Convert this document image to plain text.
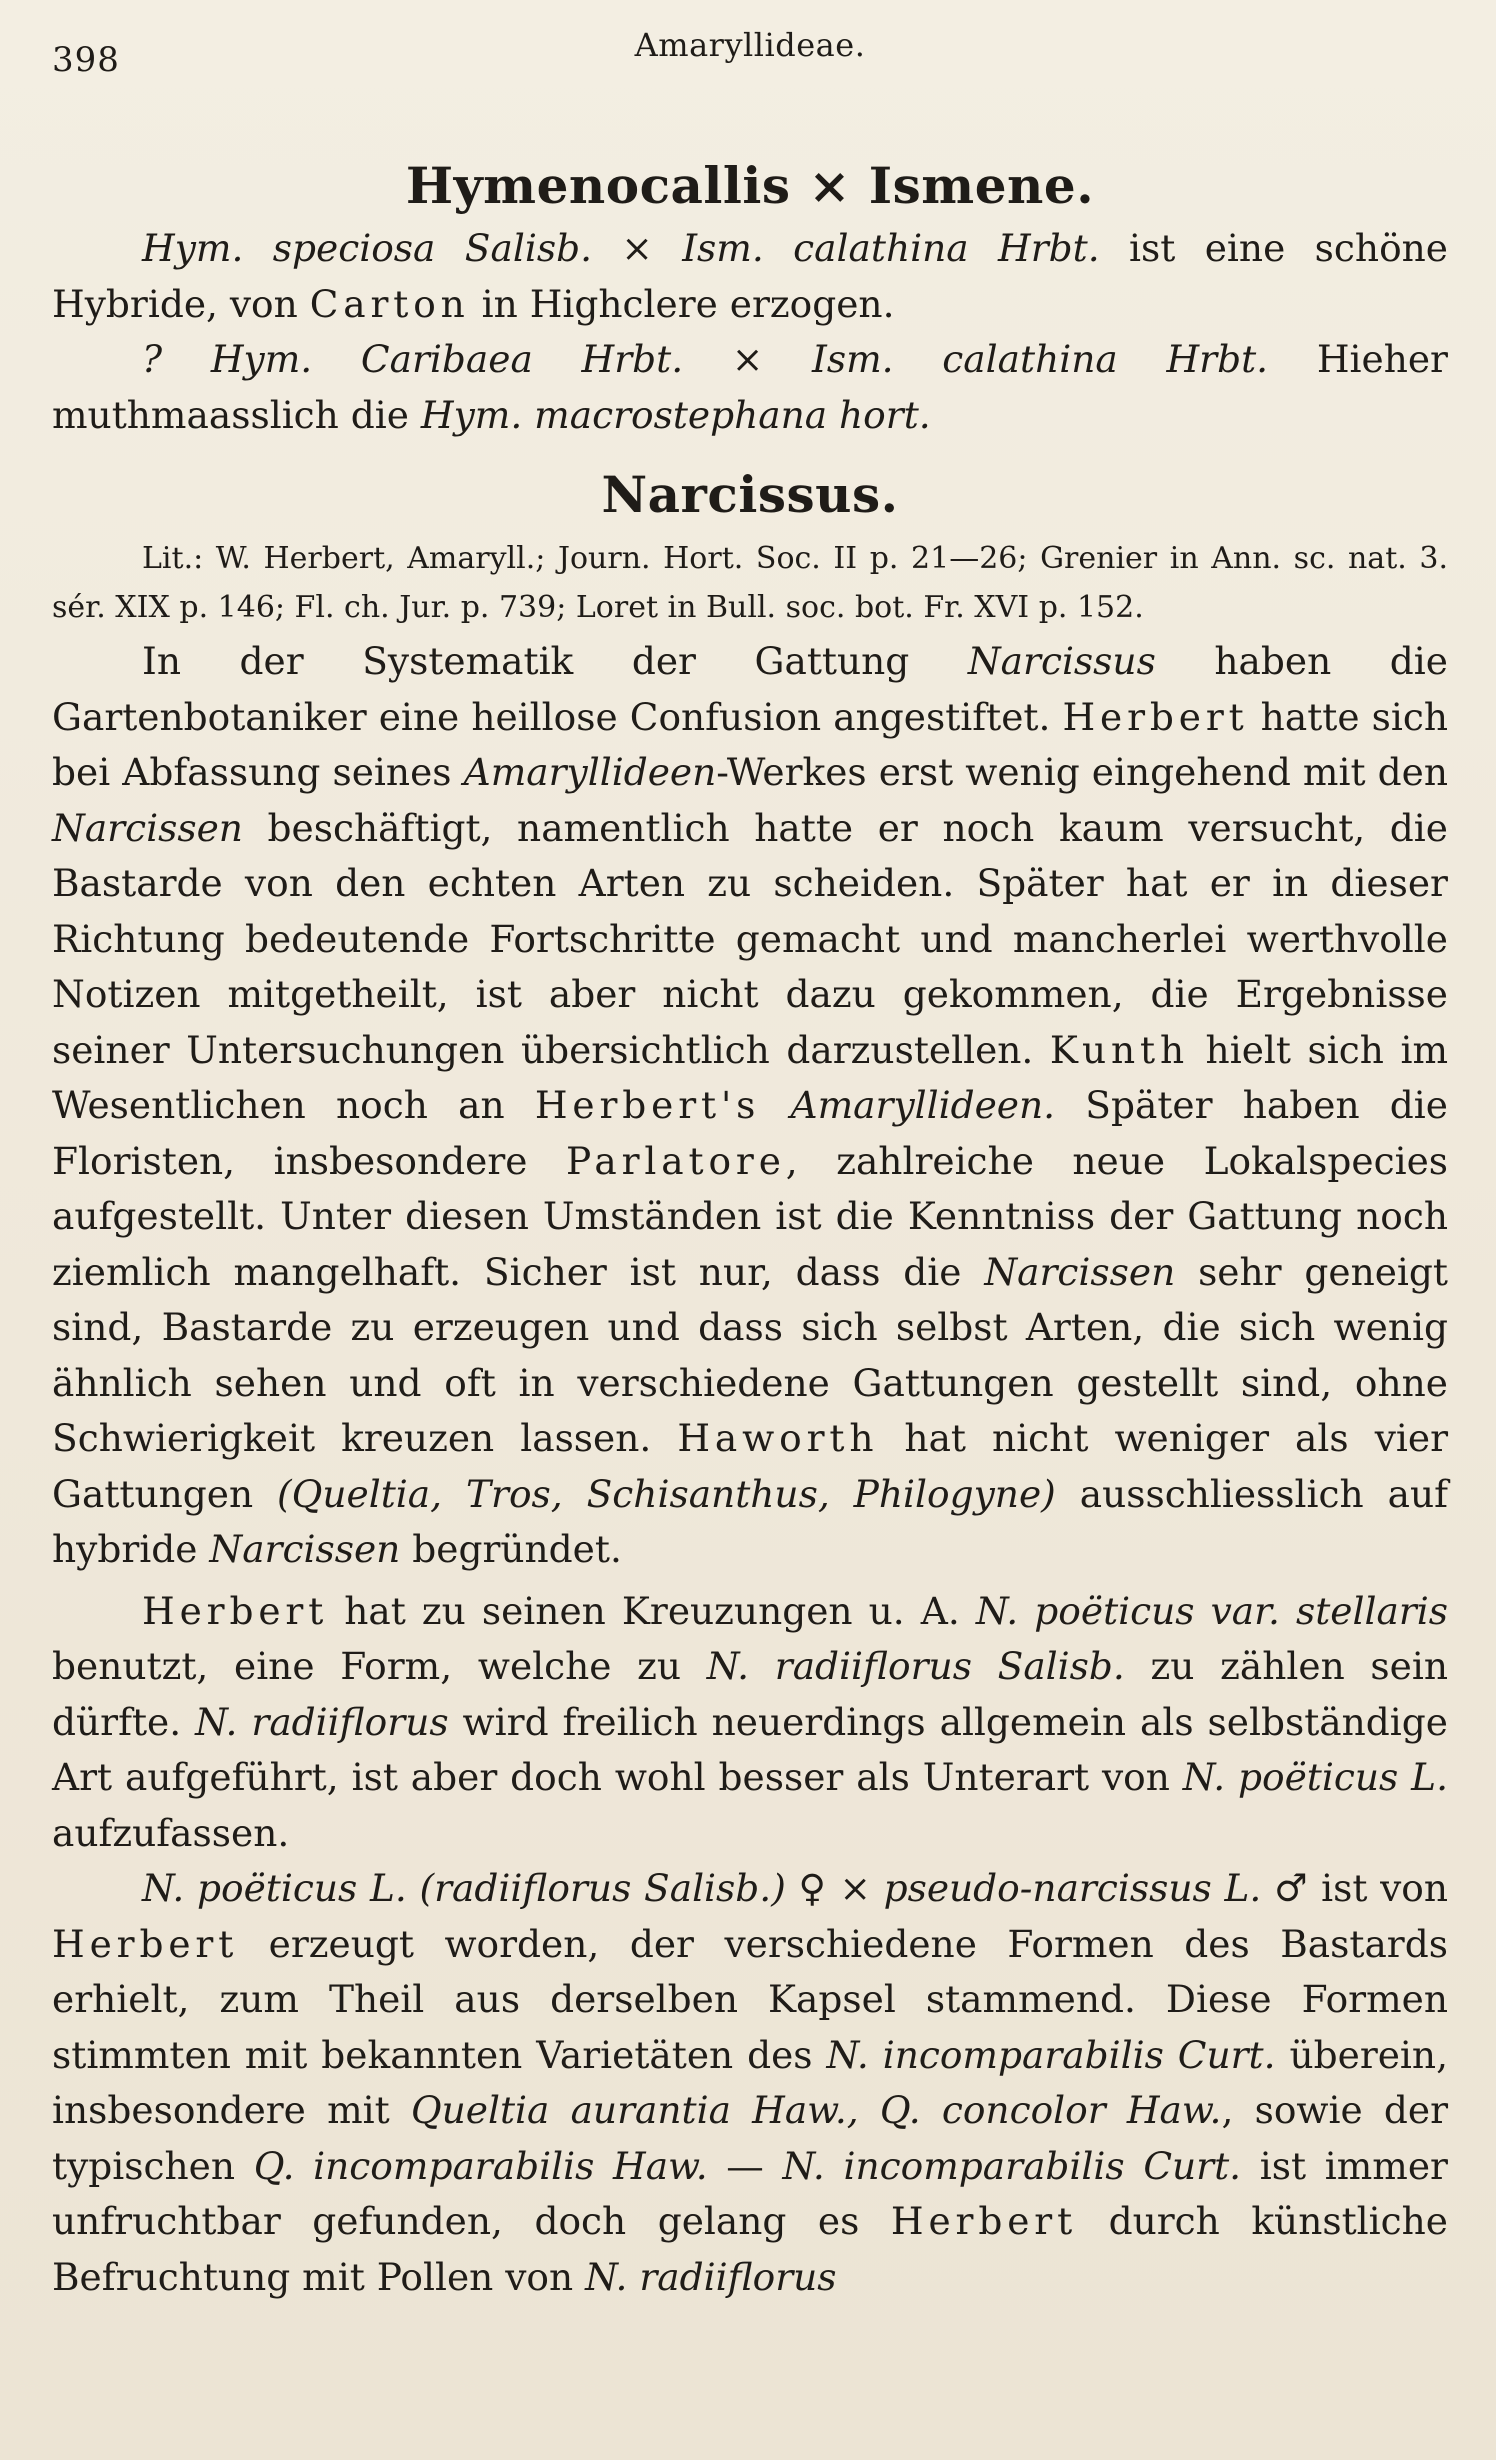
398	Amaryllideae.
Hymenocallis × Ismene.

Hym. speciosa Salisb. × Ism. calathina Hrbt. ist eine schöne Hybride, von Carton in Highclere erzogen.

? Hym. Caribaea Hrbt. × Ism. calathina Hrbt. Hieher muthmaasslich die Hym. macrostephana hort.

Narcissus.

Lit.: W. Herbert, Amaryll.; Journ. Hort. Soc. II p. 21—26; Grenier in Ann. sc. nat. 3. sér. XIX p. 146; Fl. ch. Jur. p. 739; Loret in Bull. soc. bot. Fr. XVI p. 152.

In der Systematik der Gattung Narcissus haben die Gartenbotaniker eine heillose Confusion angestiftet. Herbert hatte sich bei Abfassung seines Amaryllideen-Werkes erst wenig eingehend mit den Narcissen beschäftigt, namentlich hatte er noch kaum versucht, die Bastarde von den echten Arten zu scheiden. Später hat er in dieser Richtung bedeutende Fortschritte gemacht und mancherlei werthvolle Notizen mitgetheilt, ist aber nicht dazu gekommen, die Ergebnisse seiner Untersuchungen übersichtlich darzustellen. Kunth hielt sich im Wesentlichen noch an Herbert's Amaryllideen. Später haben die Floristen, insbesondere Parlatore, zahlreiche neue Lokalspecies aufgestellt. Unter diesen Umständen ist die Kenntniss der Gattung noch ziemlich mangelhaft. Sicher ist nur, dass die Narcissen sehr geneigt sind, Bastarde zu erzeugen und dass sich selbst Arten, die sich wenig ähnlich sehen und oft in verschiedene Gattungen gestellt sind, ohne Schwierigkeit kreuzen lassen. Haworth hat nicht weniger als vier Gattungen (Queltia, Tros, Schisanthus, Philogyne) ausschliesslich auf hybride Narcissen begründet.

Herbert hat zu seinen Kreuzungen u. A. N. poëticus var. stellaris benutzt, eine Form, welche zu N. radiiflorus Salisb. zu zählen sein dürfte. N. radiiflorus wird freilich neuerdings allgemein als selbständige Art aufgeführt, ist aber doch wohl besser als Unterart von N. poëticus L. aufzufassen.

N. poëticus L. (radiiflorus Salisb.) ♀ × pseudo-narcissus L. ♂ ist von Herbert erzeugt worden, der verschiedene Formen des Bastards erhielt, zum Theil aus derselben Kapsel stammend. Diese Formen stimmten mit bekannten Varietäten des N. incomparabilis Curt. überein, insbesondere mit Queltia aurantia Haw., Q. concolor Haw., sowie der typischen Q. incomparabilis Haw. — N. incomparabilis Curt. ist immer unfruchtbar gefunden, doch gelang es Herbert durch künstliche Befruchtung mit Pollen von N. radiiflorus
